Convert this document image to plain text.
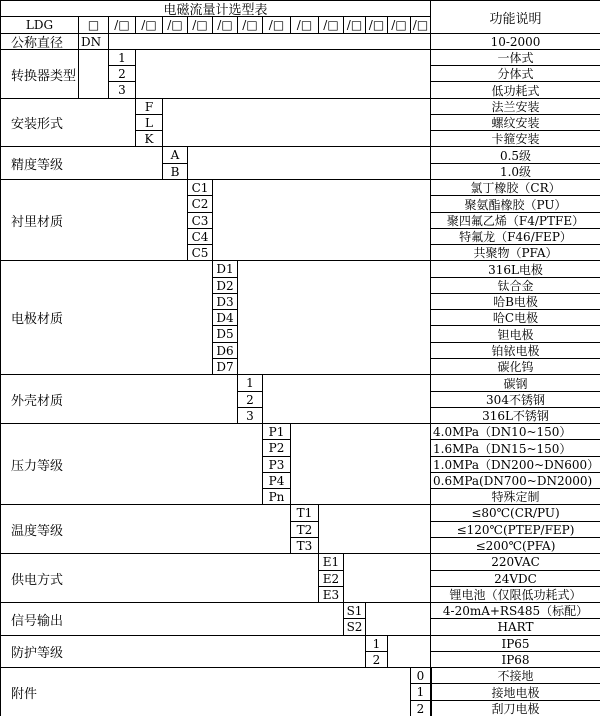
电磁流量计选型表
功能说明
LDG	□	/□ /□ /□ /□ /□ /□ /□	/□ /□ /□ /□ /□ /□
公称直径	DN	10-2000
转换器类型
1	一体式
2	分体式
3	低功耗式
安装形式
F	法兰安装
L	螺纹安装
K	卡箍安装
精度等级
A	0.5级
B	1.0级
衬里材质
C1	氯丁橡胶（CR）
C2	聚氨酯橡胶（PU）
C3	聚四氟乙烯（F4/PTFE）
C4	特氟龙（F46/FEP）
C5	共聚物（PFA）
电极材质
D1	316L电极
D2	钛合金
D3	哈B电极
D4	哈C电极
D5	钽电极
D6	铂铱电极
D7	碳化钨
外壳材质
1	碳钢
2	304不锈钢
3	316L不锈钢
压力等级
P1	4.0MPa（DN10~150）
P2	1.6MPa（DN15~150）
P3	1.0MPa（DN200~DN600）
P4	0.6MPa(DN700~DN2000)
Pn	特殊定制
温度等级
T1	≤80℃(CR/PU)
T2	≤120℃(PTEP/FEP)
T3	≤200℃(PFA)
供电方式
E1	220VAC
E2	24VDC
E3	锂电池（仅限低功耗式）
信号输出
S1	4-20mA+RS485（标配）
S2	HART
防护等级
1	IP65
2	IP68
附件
0	不接地
1	接地电极
2	刮刀电极
